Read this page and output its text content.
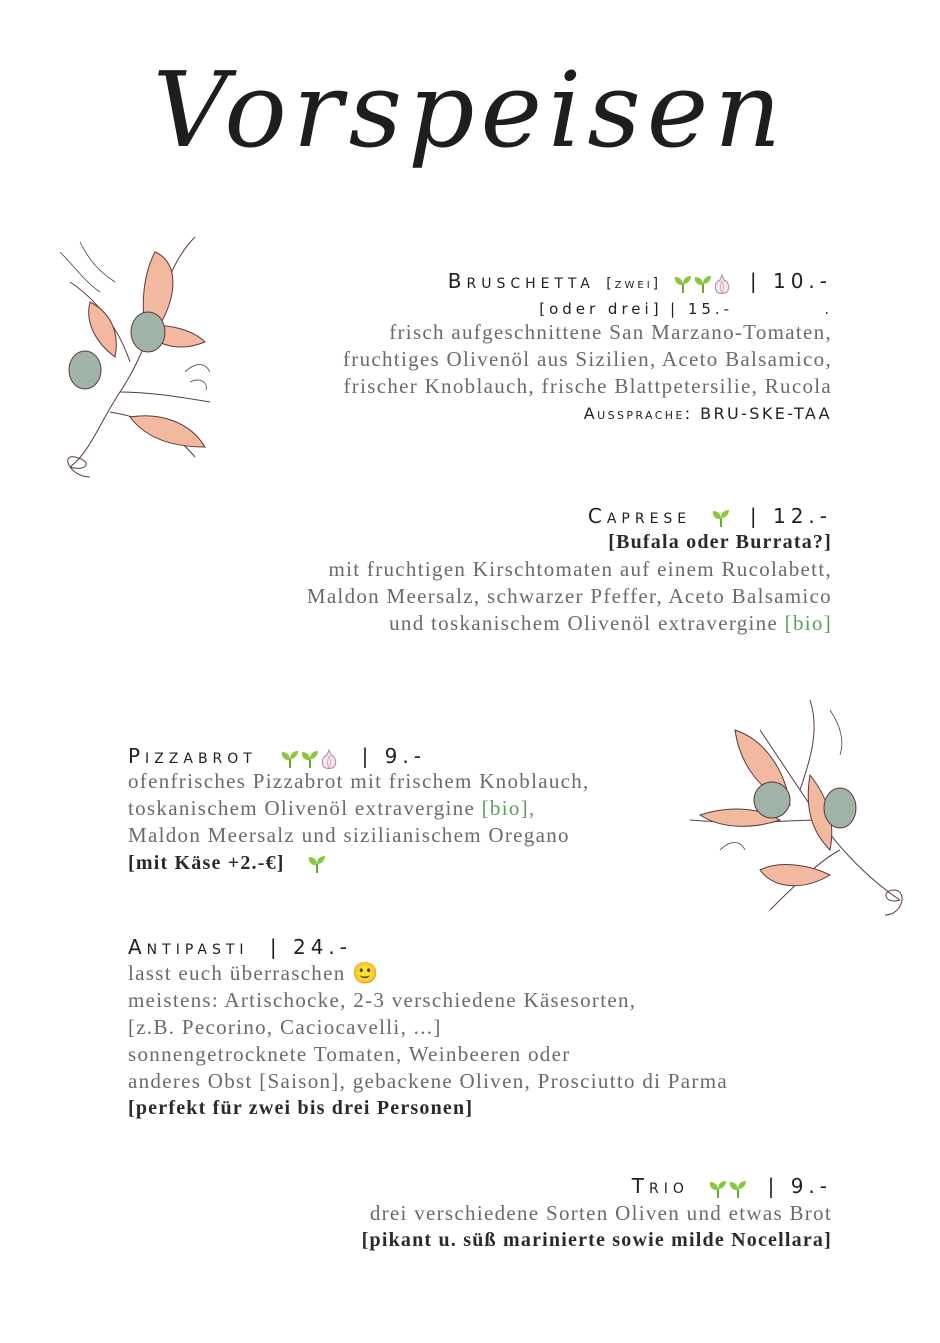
Vorspeisen
Bruschetta [zwei]	| 10.-
[oder drei] | 15.-	.
frisch aufgeschnittene San Marzano-Tomaten,
fruchtiges Olivenöl aus Sizilien, Aceto Balsamico,
frischer Knoblauch, frische Blattpetersilie, Rucola
Aussprache: BRU-SKE-TAA
Caprese	| 12.-
[Bufala oder Burrata?]
mit fruchtigen Kirschtomaten auf einem Rucolabett,
Maldon Meersalz, schwarzer Pfeffer, Aceto Balsamico
und toskanischem Olivenöl extravergine [bio]
Pizzabrot	| 9.-
ofenfrisches Pizzabrot mit frischem Knoblauch,
toskanischem Olivenöl extravergine [bio],
Maldon Meersalz und sizilianischem Oregano
[mit Käse +2.-€]
Antipasti | 24.-
lasst euch überraschen 🙂
meistens: Artischocke, 2-3 verschiedene Käsesorten,
[z.B. Pecorino, Caciocavelli, ...]
sonnengetrocknete Tomaten, Weinbeeren oder
anderes Obst [Saison], gebackene Oliven, Prosciutto di Parma
[perfekt für zwei bis drei Personen]
Trio	| 9.-
drei verschiedene Sorten Oliven und etwas Brot
[pikant u. süß marinierte sowie milde Nocellara]
